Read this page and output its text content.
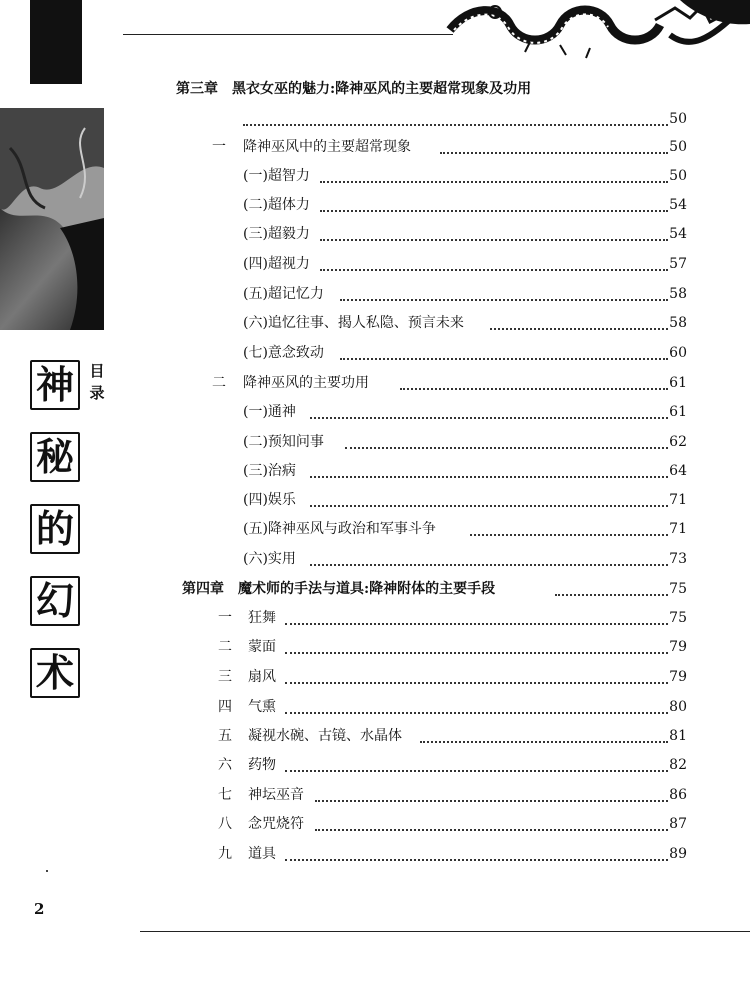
目
录
神
秘
的
幻
术
第三章　黑衣女巫的魅力:降神巫风的主要超常现象及功用
50
一 降神巫风中的主要超常现象	50
(一)超智力	50
(二)超体力	54
(三)超毅力	54
(四)超视力	57
(五)超记忆力	58
(六)追忆往事、揭人私隐、预言未来	58
(七)意念致动	60
二 降神巫风的主要功用	61
(一)通神	61
(二)预知问事	62
(三)治病	64
(四)娱乐	71
(五)降神巫风与政治和军事斗争	71
(六)实用	73
第四章　魔术师的手法与道具:降神附体的主要手段	75
一 狂舞	75
二 蒙面	79
三 扇风	79
四 气熏	80
五 凝视水碗、古镜、水晶体	81
六 药物	82
七 神坛巫音	86
八 念咒烧符	87
九 道具	89
2
